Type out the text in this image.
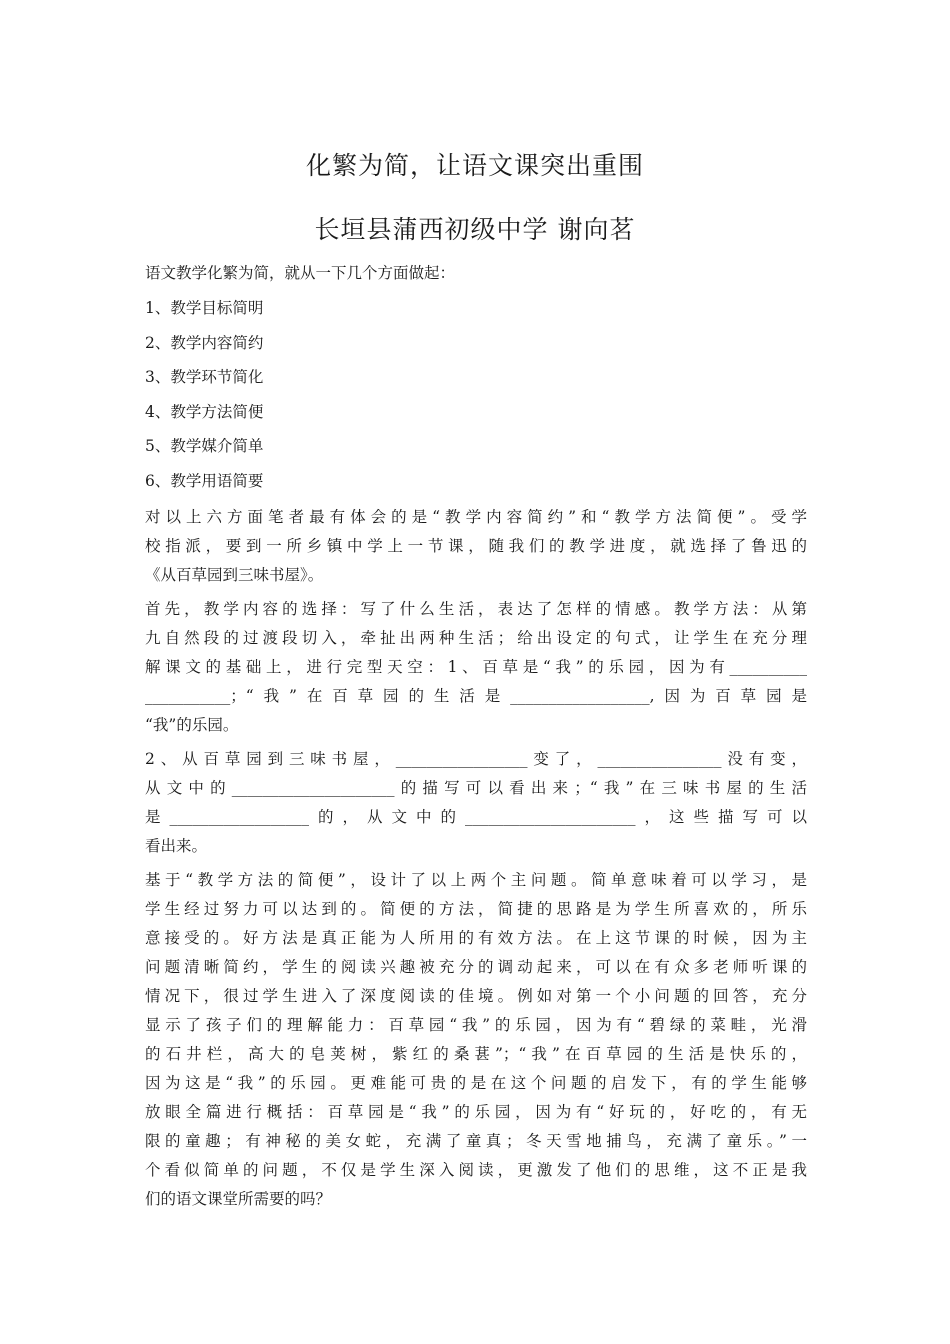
化繁为简，让语文课突出重围
长垣县蒲西初级中学 谢向茗
语文教学化繁为简，就从一下几个方面做起：
1、教学目标简明
2、教学内容简约
3、教学环节简化
4、教学方法简便
5、教学媒介简单
6、教学用语简要
对以上六方面笔者最有体会的是“教学内容简约”和“教学方法简便”。受学
校指派，要到一所乡镇中学上一节课，随我们的教学进度，就选择了鲁迅的
《从百草园到三味书屋》。
首先，教学内容的选择：写了什么生活，表达了怎样的情感。教学方法：从第
九自然段的过渡段切入，牵扯出两种生活；给出设定的句式，让学生在充分理
解课文的基础上，进行完型天空：1、百草是“我”的乐园，因为有__________
___________；“我”在百草园的生活是__________________,因为百草园是
“我”的乐园。
2、从百草园到三味书屋，_________________变了，________________没有变，
从文中的_____________________的描写可以看出来；“我”在三味书屋的生活
是__________________的，从文中的______________________，这些描写可以
看出来。
基于“教学方法的简便”，设计了以上两个主问题。简单意味着可以学习，是
学生经过努力可以达到的。简便的方法，简捷的思路是为学生所喜欢的，所乐
意接受的。好方法是真正能为人所用的有效方法。在上这节课的时候，因为主
问题清晰简约，学生的阅读兴趣被充分的调动起来，可以在有众多老师听课的
情况下，很过学生进入了深度阅读的佳境。例如对第一个小问题的回答，充分
显示了孩子们的理解能力：百草园“我”的乐园，因为有“碧绿的菜畦，光滑
的石井栏，高大的皂荚树，紫红的桑葚”；“我”在百草园的生活是快乐的，
因为这是“我”的乐园。更难能可贵的是在这个问题的启发下，有的学生能够
放眼全篇进行概括：百草园是“我”的乐园，因为有“好玩的，好吃的，有无
限的童趣；有神秘的美女蛇，充满了童真；冬天雪地捕鸟，充满了童乐。”一
个看似简单的问题，不仅是学生深入阅读，更激发了他们的思维，这不正是我
们的语文课堂所需要的吗？
